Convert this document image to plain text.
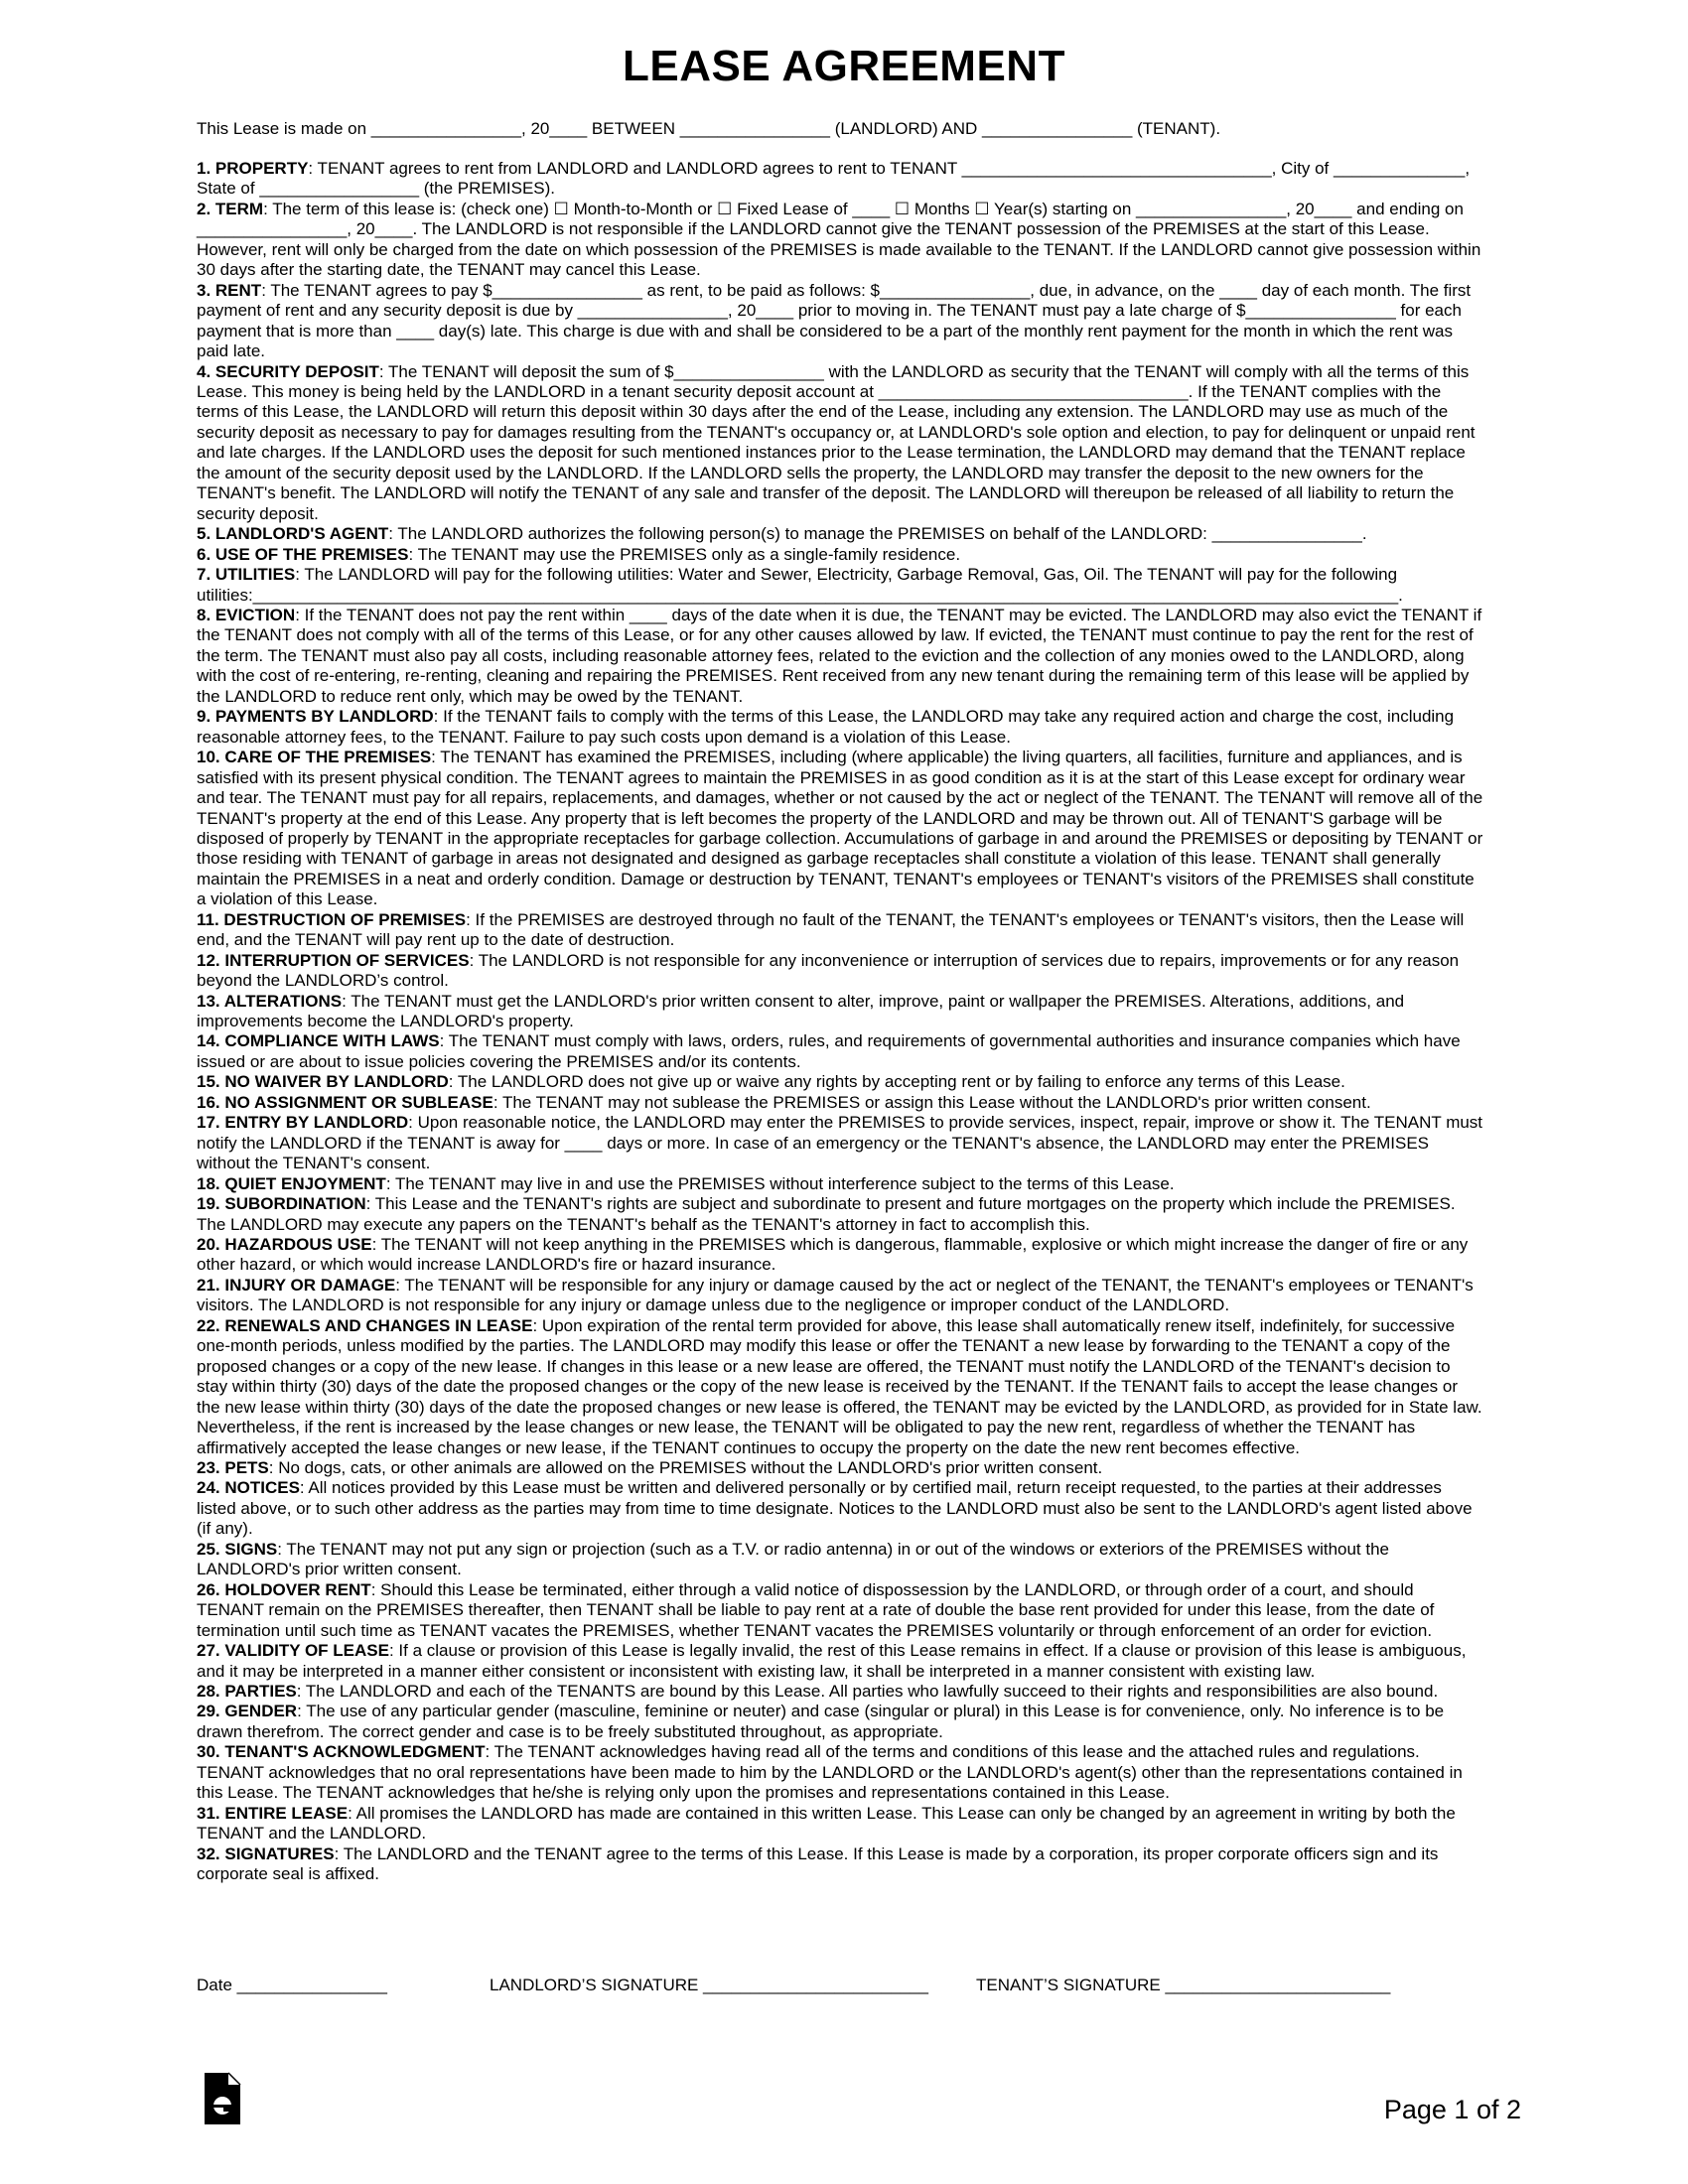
LEASE AGREEMENT
This Lease is made on ________________, 20____ BETWEEN ________________ (LANDLORD) AND ________________ (TENANT).
1. PROPERTY: TENANT agrees to rent from LANDLORD and LANDLORD agrees to rent to TENANT _________________________________, City of ______________, State of _________________ (the PREMISES).
2. TERM: The term of this lease is: (check one) ☐ Month-to-Month or ☐ Fixed Lease of ____ ☐ Months ☐ Year(s) starting on ________________, 20____ and ending on ________________, 20____. The LANDLORD is not responsible if the LANDLORD cannot give the TENANT possession of the PREMISES at the start of this Lease. However, rent will only be charged from the date on which possession of the PREMISES is made available to the TENANT. If the LANDLORD cannot give possession within 30 days after the starting date, the TENANT may cancel this Lease.
3. RENT: The TENANT agrees to pay $________________ as rent, to be paid as follows: $________________, due, in advance, on the ____ day of each month. The first payment of rent and any security deposit is due by ________________, 20____ prior to moving in. The TENANT must pay a late charge of $________________ for each payment that is more than ____ day(s) late. This charge is due with and shall be considered to be a part of the monthly rent payment for the month in which the rent was paid late.
4. SECURITY DEPOSIT: The TENANT will deposit the sum of $________________ with the LANDLORD as security that the TENANT will comply with all the terms of this Lease. This money is being held by the LANDLORD in a tenant security deposit account at _________________________________. If the TENANT complies with the terms of this Lease, the LANDLORD will return this deposit within 30 days after the end of the Lease, including any extension. The LANDLORD may use as much of the security deposit as necessary to pay for damages resulting from the TENANT's occupancy or, at LANDLORD's sole option and election, to pay for delinquent or unpaid rent and late charges. If the LANDLORD uses the deposit for such mentioned instances prior to the Lease termination, the LANDLORD may demand that the TENANT replace the amount of the security deposit used by the LANDLORD. If the LANDLORD sells the property, the LANDLORD may transfer the deposit to the new owners for the TENANT's benefit. The LANDLORD will notify the TENANT of any sale and transfer of the deposit. The LANDLORD will thereupon be released of all liability to return the security deposit.
5. LANDLORD'S AGENT: The LANDLORD authorizes the following person(s) to manage the PREMISES on behalf of the LANDLORD: ________________.
6. USE OF THE PREMISES: The TENANT may use the PREMISES only as a single-family residence.
7. UTILITIES: The LANDLORD will pay for the following utilities: Water and Sewer, Electricity, Garbage Removal, Gas, Oil. The TENANT will pay for the following utilities:__________________________________________________________________________________________________________________________.
8. EVICTION: If the TENANT does not pay the rent within ____ days of the date when it is due, the TENANT may be evicted. The LANDLORD may also evict the TENANT if the TENANT does not comply with all of the terms of this Lease, or for any other causes allowed by law. If evicted, the TENANT must continue to pay the rent for the rest of the term. The TENANT must also pay all costs, including reasonable attorney fees, related to the eviction and the collection of any monies owed to the LANDLORD, along with the cost of re-entering, re-renting, cleaning and repairing the PREMISES. Rent received from any new tenant during the remaining term of this lease will be applied by the LANDLORD to reduce rent only, which may be owed by the TENANT.
9. PAYMENTS BY LANDLORD: If the TENANT fails to comply with the terms of this Lease, the LANDLORD may take any required action and charge the cost, including reasonable attorney fees, to the TENANT. Failure to pay such costs upon demand is a violation of this Lease.
10. CARE OF THE PREMISES: The TENANT has examined the PREMISES, including (where applicable) the living quarters, all facilities, furniture and appliances, and is satisfied with its present physical condition. The TENANT agrees to maintain the PREMISES in as good condition as it is at the start of this Lease except for ordinary wear and tear. The TENANT must pay for all repairs, replacements, and damages, whether or not caused by the act or neglect of the TENANT. The TENANT will remove all of the TENANT's property at the end of this Lease. Any property that is left becomes the property of the LANDLORD and may be thrown out. All of TENANT'S garbage will be disposed of properly by TENANT in the appropriate receptacles for garbage collection. Accumulations of garbage in and around the PREMISES or depositing by TENANT or those residing with TENANT of garbage in areas not designated and designed as garbage receptacles shall constitute a violation of this lease. TENANT shall generally maintain the PREMISES in a neat and orderly condition. Damage or destruction by TENANT, TENANT's employees or TENANT's visitors of the PREMISES shall constitute a violation of this Lease.
11. DESTRUCTION OF PREMISES: If the PREMISES are destroyed through no fault of the TENANT, the TENANT's employees or TENANT's visitors, then the Lease will end, and the TENANT will pay rent up to the date of destruction.
12. INTERRUPTION OF SERVICES: The LANDLORD is not responsible for any inconvenience or interruption of services due to repairs, improvements or for any reason beyond the LANDLORD’s control.
13. ALTERATIONS: The TENANT must get the LANDLORD's prior written consent to alter, improve, paint or wallpaper the PREMISES. Alterations, additions, and improvements become the LANDLORD's property.
14. COMPLIANCE WITH LAWS: The TENANT must comply with laws, orders, rules, and requirements of governmental authorities and insurance companies which have issued or are about to issue policies covering the PREMISES and/or its contents.
15. NO WAIVER BY LANDLORD: The LANDLORD does not give up or waive any rights by accepting rent or by failing to enforce any terms of this Lease.
16. NO ASSIGNMENT OR SUBLEASE: The TENANT may not sublease the PREMISES or assign this Lease without the LANDLORD's prior written consent.
17. ENTRY BY LANDLORD: Upon reasonable notice, the LANDLORD may enter the PREMISES to provide services, inspect, repair, improve or show it. The TENANT must notify the LANDLORD if the TENANT is away for ____ days or more. In case of an emergency or the TENANT's absence, the LANDLORD may enter the PREMISES without the TENANT's consent.
18. QUIET ENJOYMENT: The TENANT may live in and use the PREMISES without interference subject to the terms of this Lease.
19. SUBORDINATION: This Lease and the TENANT's rights are subject and subordinate to present and future mortgages on the property which include the PREMISES. The LANDLORD may execute any papers on the TENANT's behalf as the TENANT's attorney in fact to accomplish this.
20. HAZARDOUS USE: The TENANT will not keep anything in the PREMISES which is dangerous, flammable, explosive or which might increase the danger of fire or any other hazard, or which would increase LANDLORD's fire or hazard insurance.
21. INJURY OR DAMAGE: The TENANT will be responsible for any injury or damage caused by the act or neglect of the TENANT, the TENANT's employees or TENANT's visitors. The LANDLORD is not responsible for any injury or damage unless due to the negligence or improper conduct of the LANDLORD.
22. RENEWALS AND CHANGES IN LEASE: Upon expiration of the rental term provided for above, this lease shall automatically renew itself, indefinitely, for successive one-month periods, unless modified by the parties. The LANDLORD may modify this lease or offer the TENANT a new lease by forwarding to the TENANT a copy of the proposed changes or a copy of the new lease. If changes in this lease or a new lease are offered, the TENANT must notify the LANDLORD of the TENANT's decision to stay within thirty (30) days of the date the proposed changes or the copy of the new lease is received by the TENANT. If the TENANT fails to accept the lease changes or the new lease within thirty (30) days of the date the proposed changes or new lease is offered, the TENANT may be evicted by the LANDLORD, as provided for in State law. Nevertheless, if the rent is increased by the lease changes or new lease, the TENANT will be obligated to pay the new rent, regardless of whether the TENANT has affirmatively accepted the lease changes or new lease, if the TENANT continues to occupy the property on the date the new rent becomes effective.
23. PETS: No dogs, cats, or other animals are allowed on the PREMISES without the LANDLORD's prior written consent.
24. NOTICES: All notices provided by this Lease must be written and delivered personally or by certified mail, return receipt requested, to the parties at their addresses listed above, or to such other address as the parties may from time to time designate. Notices to the LANDLORD must also be sent to the LANDLORD's agent listed above (if any).
25. SIGNS: The TENANT may not put any sign or projection (such as a T.V. or radio antenna) in or out of the windows or exteriors of the PREMISES without the LANDLORD's prior written consent.
26. HOLDOVER RENT: Should this Lease be terminated, either through a valid notice of dispossession by the LANDLORD, or through order of a court, and should TENANT remain on the PREMISES thereafter, then TENANT shall be liable to pay rent at a rate of double the base rent provided for under this lease, from the date of termination until such time as TENANT vacates the PREMISES, whether TENANT vacates the PREMISES voluntarily or through enforcement of an order for eviction.
27. VALIDITY OF LEASE: If a clause or provision of this Lease is legally invalid, the rest of this Lease remains in effect. If a clause or provision of this lease is ambiguous, and it may be interpreted in a manner either consistent or inconsistent with existing law, it shall be interpreted in a manner consistent with existing law.
28. PARTIES: The LANDLORD and each of the TENANTS are bound by this Lease. All parties who lawfully succeed to their rights and responsibilities are also bound.
29. GENDER: The use of any particular gender (masculine, feminine or neuter) and case (singular or plural) in this Lease is for convenience, only. No inference is to be drawn therefrom. The correct gender and case is to be freely substituted throughout, as appropriate.
30. TENANT'S ACKNOWLEDGMENT: The TENANT acknowledges having read all of the terms and conditions of this lease and the attached rules and regulations. TENANT acknowledges that no oral representations have been made to him by the LANDLORD or the LANDLORD's agent(s) other than the representations contained in this Lease. The TENANT acknowledges that he/she is relying only upon the promises and representations contained in this Lease.
31. ENTIRE LEASE: All promises the LANDLORD has made are contained in this written Lease. This Lease can only be changed by an agreement in writing by both the TENANT and the LANDLORD.
32. SIGNATURES: The LANDLORD and the TENANT agree to the terms of this Lease. If this Lease is made by a corporation, its proper corporate officers sign and its corporate seal is affixed.
Date ________________	LANDLORD’S SIGNATURE ________________________	TENANT’S SIGNATURE ________________________
Page 1 of 2
